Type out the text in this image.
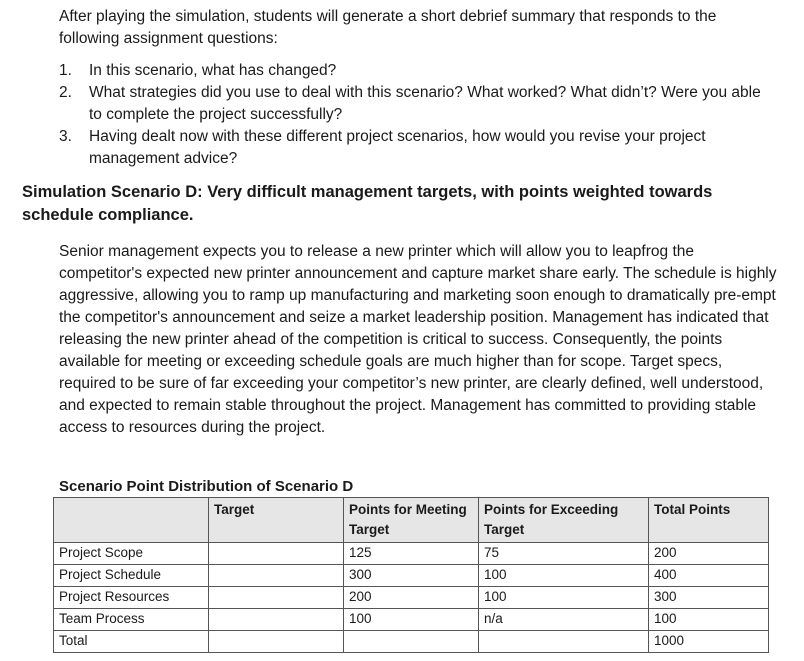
After playing the simulation, students will generate a short debrief summary that responds to the following assignment questions:

1. In this scenario, what has changed?
2. What strategies did you use to deal with this scenario? What worked? What didn’t? Were you able to complete the project successfully?
3. Having dealt now with these different project scenarios, how would you revise your project management advice?
Simulation Scenario D: Very difficult management targets, with points weighted towards schedule compliance.

Senior management expects you to release a new printer which will allow you to leapfrog the competitor's expected new printer announcement and capture market share early. The schedule is highly aggressive, allowing you to ramp up manufacturing and marketing soon enough to dramatically pre-empt the competitor's announcement and seize a market leadership position. Management has indicated that releasing the new printer ahead of the competition is critical to success. Consequently, the points available for meeting or exceeding schedule goals are much higher than for scope. Target specs, required to be sure of far exceeding your competitor’s new printer, are clearly defined, well understood, and expected to remain stable throughout the project. Management has committed to providing stable access to resources during the project.

Scenario Point Distribution of Scenario D

	Target	Points for Meeting Target	Points for Exceeding Target	Total Points
Project Scope		125	75	200
Project Schedule		300	100	400
Project Resources		200	100	300
Team Process		100	n/a	100
Total				1000
